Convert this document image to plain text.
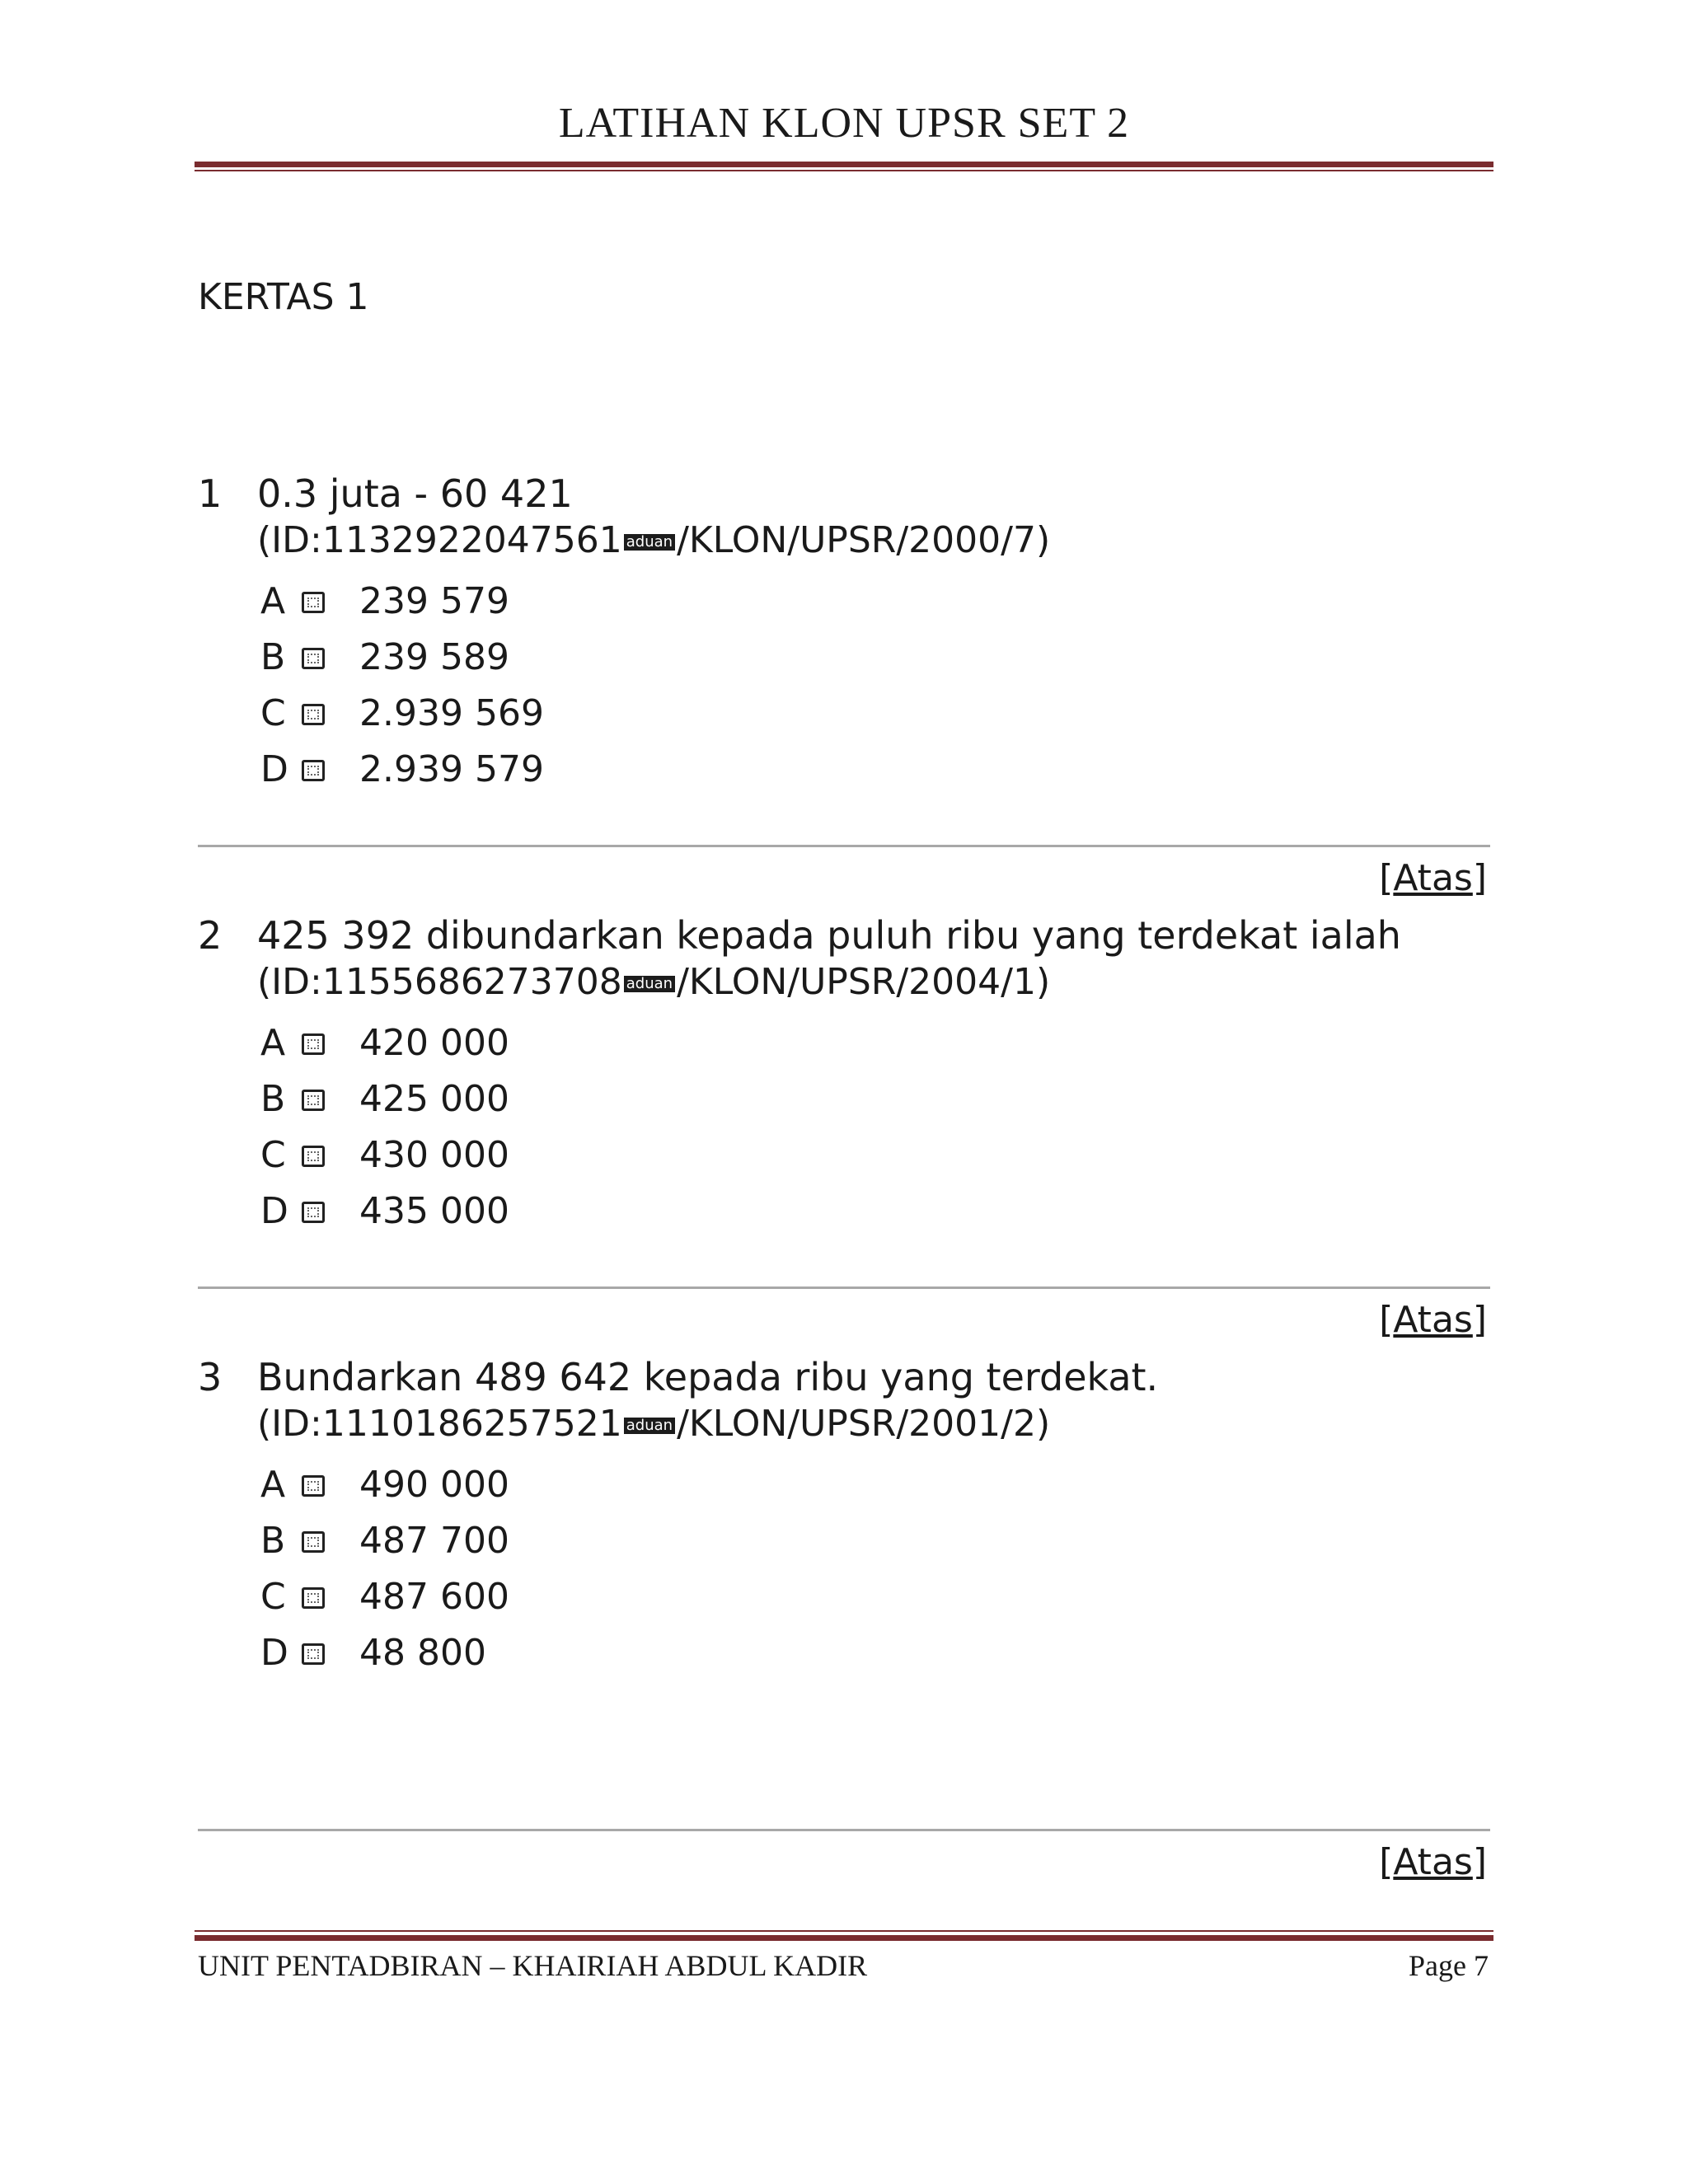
LATIHAN KLON UPSR SET 2
KERTAS 1
1 0.3 juta - 60 421
(ID:1132922047561 aduan /KLON/UPSR/2000/7)
A 239 579
B 239 589
C 2.939 569
D 2.939 579
[Atas]
2 425 392 dibundarkan kepada puluh ribu yang terdekat ialah
(ID:1155686273708 aduan /KLON/UPSR/2004/1)
A 420 000
B 425 000
C 430 000
D 435 000
[Atas]
3 Bundarkan 489 642 kepada ribu yang terdekat.
(ID:1110186257521 aduan /KLON/UPSR/2001/2)
A 490 000
B 487 700
C 487 600
D 48 800
[Atas]
UNIT PENTADBIRAN – KHAIRIAH ABDUL KADIR	Page 7
